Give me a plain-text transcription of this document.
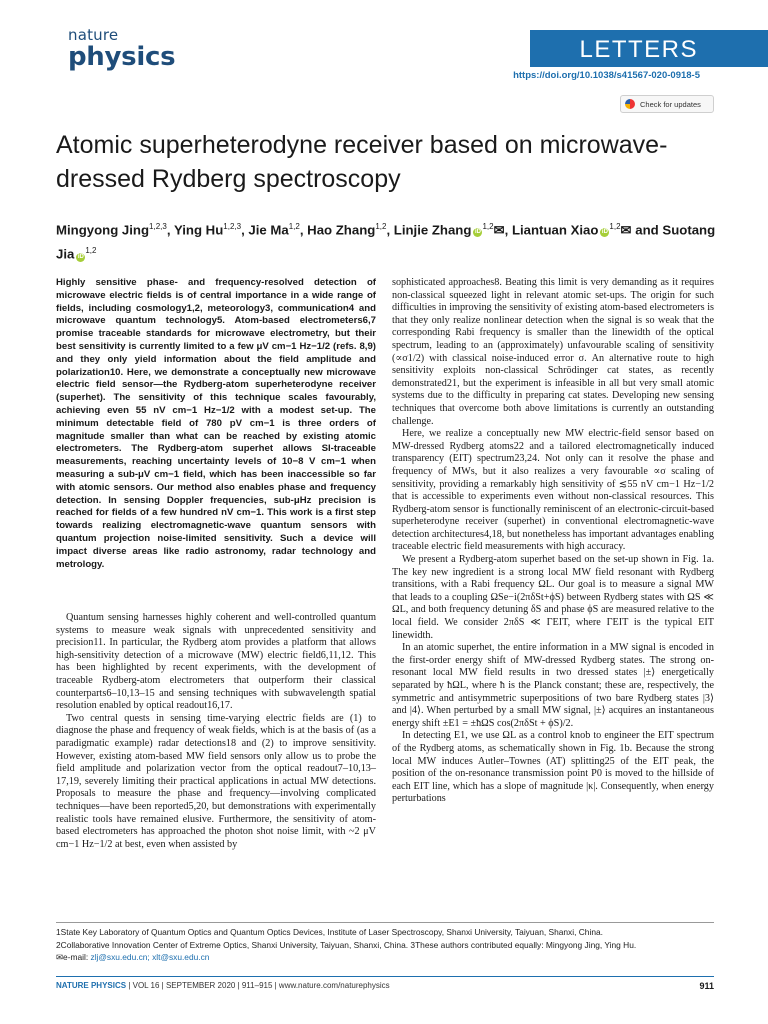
nature
physics	LETTERS
https://doi.org/10.1038/s41567-020-0918-5
Check for updates
Atomic superheterodyne receiver based on microwave-dressed Rydberg spectroscopy
Mingyong Jing$^{1,2,3}$, Ying Hu$^{1,2,3}$, Jie Ma$^{1,2}$, Hao Zhang$^{1,2}$, Linjie Zhang iD$^{1,2}$✉, Liantuan Xiao iD$^{1,2}$✉ and Suotang Jia iD$^{1,2}$
Highly sensitive phase- and frequency-resolved detection of microwave electric fields is of central importance in a wide range of fields, including cosmology1,2, meteorology3, communication4 and microwave quantum technology5. Atom-based electrometers6,7 promise traceable standards for microwave electrometry, but their best sensitivity is currently limited to a few μV cm−1 Hz−1/2 (refs. 8,9) and they only yield information about the field amplitude and polarization10. Here, we demonstrate a conceptually new microwave electric field sensor—the Rydberg-atom superheterodyne receiver (superhet). The sensitivity of this technique scales favourably, achieving even 55 nV cm−1 Hz−1/2 with a modest set-up. The minimum detectable field of 780 pV cm−1 is three orders of magnitude smaller than what can be reached by existing atomic electrometers. The Rydberg-atom superhet allows SI-traceable measurements, reaching uncertainty levels of 10−8 V cm−1 when measuring a sub-μV cm−1 field, which has been inaccessible so far with atomic sensors. Our method also enables phase and frequency detection. In sensing Doppler frequencies, sub-μHz precision is reached for fields of a few hundred nV cm−1. This work is a first step towards realizing electromagnetic-wave quantum sensors with quantum projection noise-limited sensitivity. Such a device will impact diverse areas like radio astronomy, radar technology and metrology.

Quantum sensing harnesses highly coherent and well-controlled quantum systems to measure weak signals with unprecedented sensitivity and precision11. In particular, the Rydberg atom provides a platform that allows high-sensitivity detection of a microwave (MW) electric field6,11,12. This has been highlighted by recent experiments, with the development of traceable Rydberg-atom electrometers that outperform their classical counterparts6–10,13–15 and sensing techniques with subwavelength spatial resolution enabled by optical readout16,17.

Two central quests in sensing time-varying electric fields are (1) to diagnose the phase and frequency of weak fields, which is at the basis of (as a paradigmatic example) radar detections18 and (2) to improve sensitivity. However, existing atom-based MW field sensors only allow us to probe the field amplitude and polarization vector from the optical readout7–10,13–17,19, severely limiting their practical applications in actual MW detections. Proposals to measure the phase and frequency—involving complicated techniques—have been reported5,20, but demonstrations with experimentally realistic tools have remained elusive. Furthermore, the sensitivity of atom-based electrometers has approached the photon shot noise limit, with ~2 μV cm−1 Hz−1/2 at best, even when assisted by

sophisticated approaches8. Beating this limit is very demanding as it requires non-classical squeezed light in relevant atomic set-ups. The origin for such difficulties in improving the sensitivity of existing atom-based electrometers is that they only realize nonlinear detection when the signal is so weak that the corresponding Rabi frequency is smaller than the linewidth of the optical spectrum, leading to an (approximately) unfavourable scaling of sensitivity (∝σ1/2) with classical noise-induced error σ. An alternative route to high sensitivity exploits non-classical Schrödinger cat states, as recently demonstrated21, but the experiment is infeasible in all but very small atomic systems due to the difficulty in preparing cat states. Developing new sensing techniques that overcome both above limitations is currently an outstanding challenge.

Here, we realize a conceptually new MW electric-field sensor based on MW-dressed Rydberg atoms22 and a tailored electromagnetically induced transparency (EIT) spectrum23,24. Not only can it resolve the phase and frequency of MWs, but it also realizes a very favourable ∝σ scaling of sensitivity, providing a remarkably high sensitivity of ≲55 nV cm−1 Hz−1/2 that is accessible to experiments even without non-classical resources. This Rydberg-atom sensor is functionally reminiscent of an electronic-circuit-based superheterodyne receiver (superhet) in conventional electromagnetic-wave detection architectures4,18, but nonetheless has important advantages enabling traceable electric field measurements with high accuracy.

We present a Rydberg-atom superhet based on the set-up shown in Fig. 1a. The key new ingredient is a strong local MW field resonant with Rydberg transitions, with a Rabi frequency ΩL. Our goal is to measure a signal MW that leads to a coupling ΩSe−i(2πδSt+ϕS) between Rydberg states with ΩS ≪ ΩL, and both frequency detuning δS and phase ϕS are measured relative to the local field. We consider 2πδS ≪ ΓEIT, where ΓEIT is the typical EIT linewidth.

In an atomic superhet, the entire information in a MW signal is encoded in the first-order energy shift of MW-dressed Rydberg states. The strong on-resonant local MW field results in two dressed states |±⟩ energetically separated by ħΩL, where ħ is the Planck constant; these are, respectively, the symmetric and antisymmetric superpositions of two bare Rydberg states |3⟩ and |4⟩. When perturbed by a small MW signal, |±⟩ acquires an instantaneous energy shift ±E1 = ±ħΩS cos(2πδSt + ϕS)/2.

In detecting E1, we use ΩL as a control knob to engineer the EIT spectrum of the Rydberg atoms, as schematically shown in Fig. 1b. Because the strong local MW induces Autler–Townes (AT) splitting25 of the EIT peak, the position of the on-resonance transmission point P0 is moved to the hillside of each EIT line, which has a slope of magnitude |κ|. Consequently, when energy perturbations

1State Key Laboratory of Quantum Optics and Quantum Optics Devices, Institute of Laser Spectroscopy, Shanxi University, Taiyuan, Shanxi, China.
2Collaborative Innovation Center of Extreme Optics, Shanxi University, Taiyuan, Shanxi, China. 3These authors contributed equally: Mingyong Jing, Ying Hu.
✉e-mail: zlj@sxu.edu.cn; xlt@sxu.edu.cn
NATURE PHYSICS | VOL 16 | SEPTEMBER 2020 | 911–915 | www.nature.com/naturephysics	911
